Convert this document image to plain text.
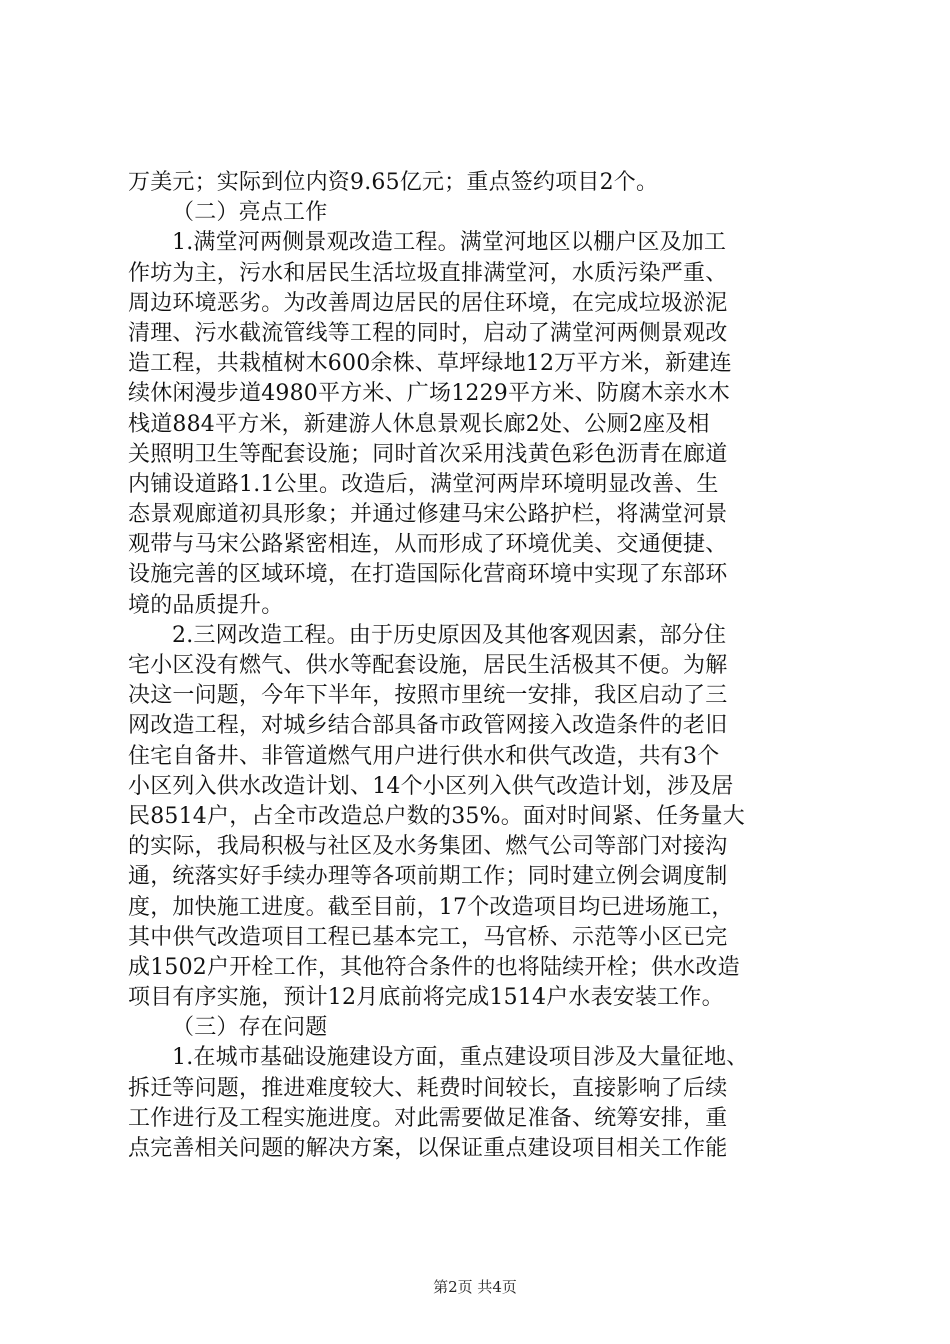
万美元；实际到位内资9.65亿元；重点签约项目2个。
（二）亮点工作
1.满堂河两侧景观改造工程。满堂河地区以棚户区及加工
作坊为主，污水和居民生活垃圾直排满堂河，水质污染严重、
周边环境恶劣。为改善周边居民的居住环境，在完成垃圾淤泥
清理、污水截流管线等工程的同时，启动了满堂河两侧景观改
造工程，共栽植树木600余株、草坪绿地12万平方米，新建连
续休闲漫步道4980平方米、广场1229平方米、防腐木亲水木
栈道884平方米，新建游人休息景观长廊2处、公厕2座及相
关照明卫生等配套设施；同时首次采用浅黄色彩色沥青在廊道
内铺设道路1.1公里。改造后，满堂河两岸环境明显改善、生
态景观廊道初具形象；并通过修建马宋公路护栏，将满堂河景
观带与马宋公路紧密相连，从而形成了环境优美、交通便捷、
设施完善的区域环境，在打造国际化营商环境中实现了东部环
境的品质提升。
2.三网改造工程。由于历史原因及其他客观因素，部分住
宅小区没有燃气、供水等配套设施，居民生活极其不便。为解
决这一问题，今年下半年，按照市里统一安排，我区启动了三
网改造工程，对城乡结合部具备市政管网接入改造条件的老旧
住宅自备井、非管道燃气用户进行供水和供气改造，共有3个
小区列入供水改造计划、14个小区列入供气改造计划，涉及居
民8514户，占全市改造总户数的35%。面对时间紧、任务量大
的实际，我局积极与社区及水务集团、燃气公司等部门对接沟
通，统落实好手续办理等各项前期工作；同时建立例会调度制
度，加快施工进度。截至目前，17个改造项目均已进场施工，
其中供气改造项目工程已基本完工，马官桥、示范等小区已完
成1502户开栓工作，其他符合条件的也将陆续开栓；供水改造
项目有序实施，预计12月底前将完成1514户水表安装工作。
（三）存在问题
1.在城市基础设施建设方面，重点建设项目涉及大量征地、
拆迁等问题，推进难度较大、耗费时间较长，直接影响了后续
工作进行及工程实施进度。对此需要做足准备、统筹安排，重
点完善相关问题的解决方案，以保证重点建设项目相关工作能
第2页 共4页
